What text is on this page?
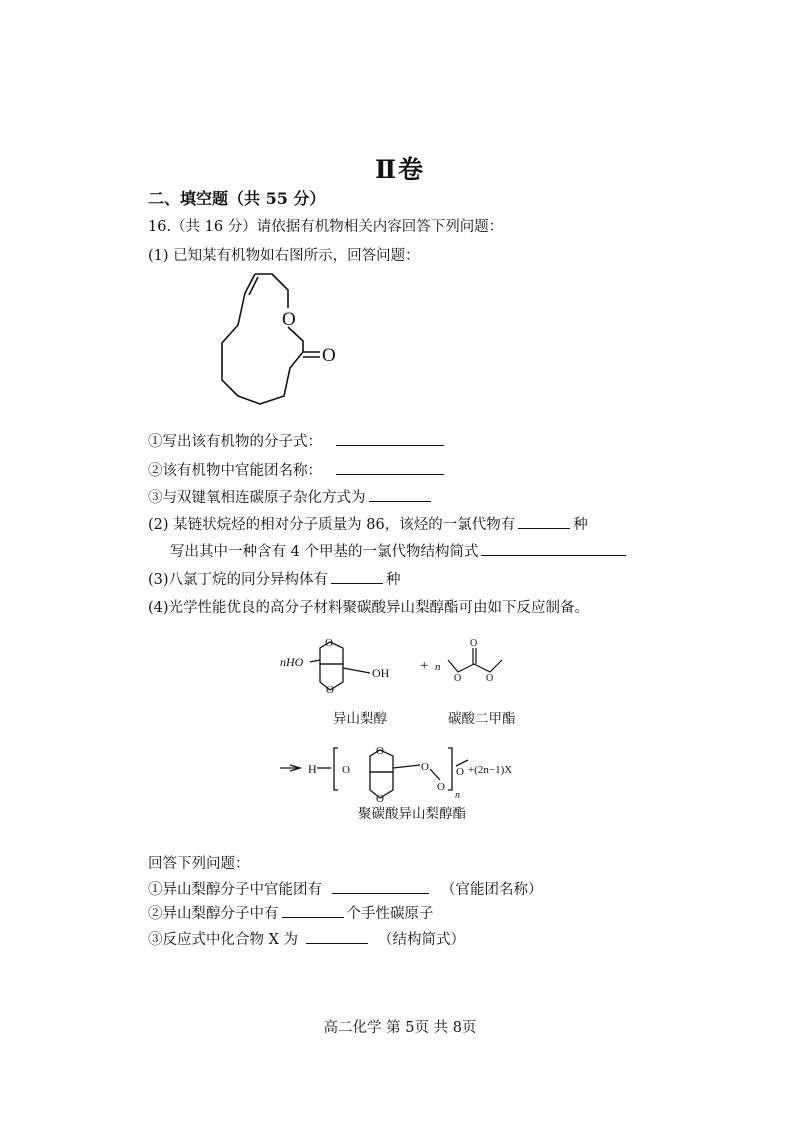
Ⅱ卷
二、填空题（共 55 分）
16.（共 16 分）请依据有机物相关内容回答下列问题：
(1) 已知某有机物如右图所示，回答问题：
O
O
①写出该有机物的分子式：
②该有机物中官能团名称：
③与双键氧相连碳原子杂化方式为
(2) 某链状烷烃的相对分子质量为 86，该烃的一氯代物有	种
写出其中一种含有 4 个甲基的一氯代物结构简式
(3)八氯丁烷的同分异构体有	种
(4)光学性能优良的高分子材料聚碳酸异山梨醇酯可由如下反应制备。
nHO
OH
O
O
+ n
O
O O
异山梨醇	碳酸二甲酯
H O
O
O
O
O
n
O +(2n−1)X
聚碳酸异山梨醇酯
回答下列问题：
①异山梨醇分子中官能团有	（官能团名称）
②异山梨醇分子中有	个手性碳原子
③反应式中化合物 X 为	（结构简式）
高二化学 第 5页 共 8页
